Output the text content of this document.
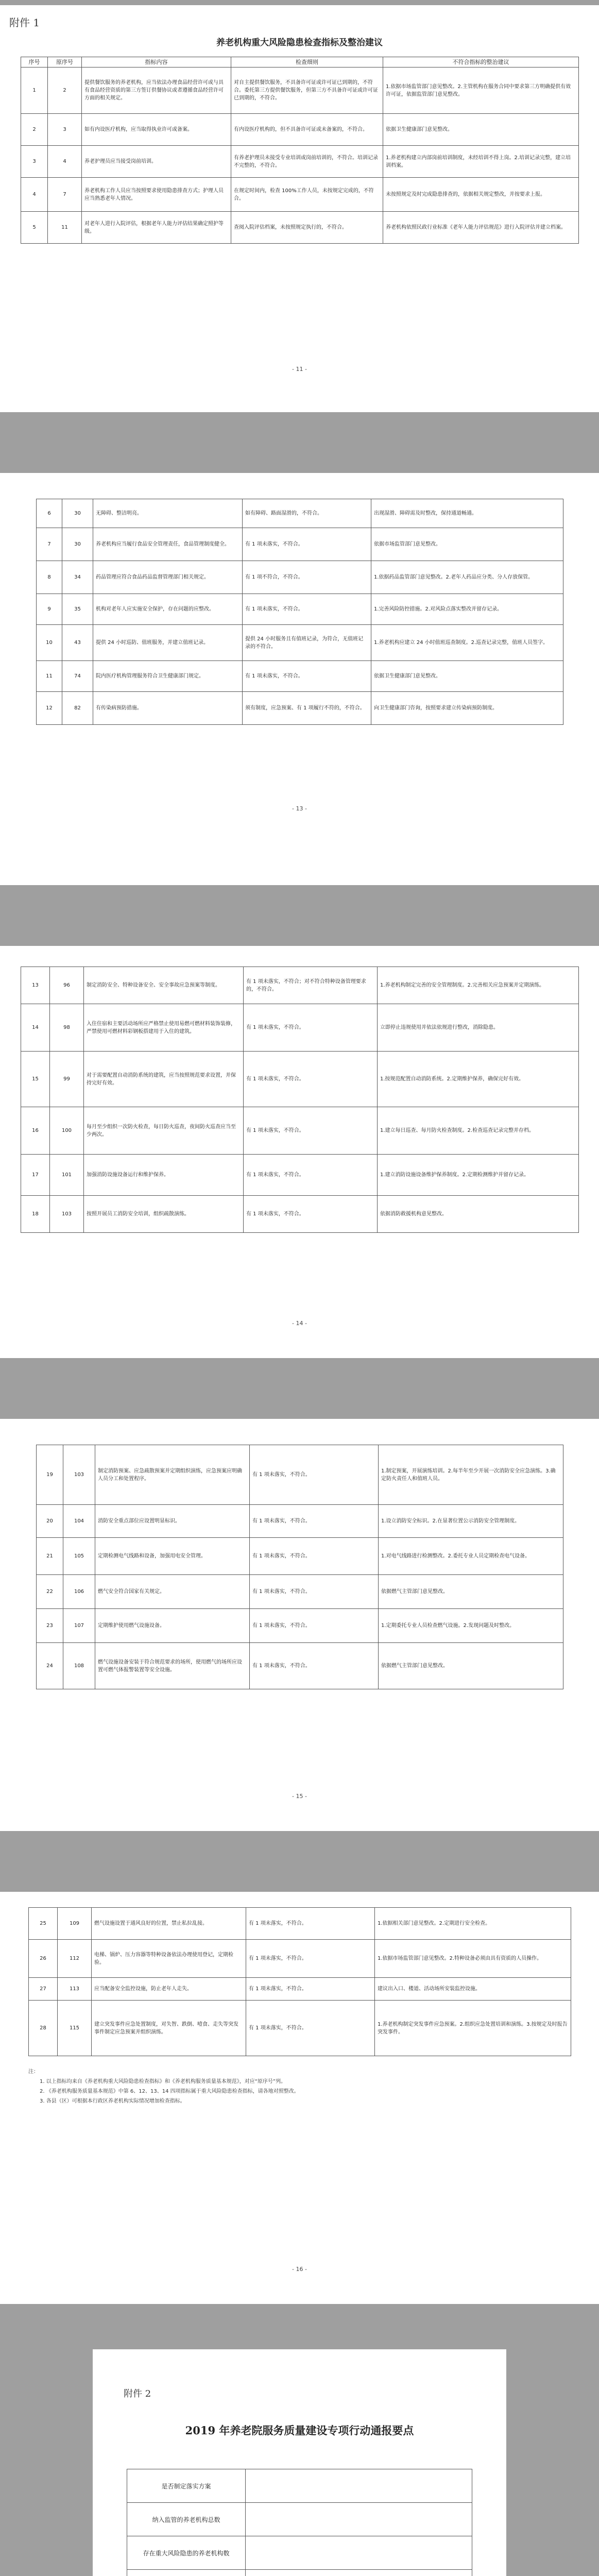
附件 1
养老机构重大风险隐患检查指标及整治建议
序号	原序号	指标内容	检查细则	不符合指标的整治建议
1	2	提供餐饮服务的养老机构，应当依法办理食品经营许可或与具有食品经营资质的第三方签订供餐协议或者遵循食品经营许可方面的相关规定。	对自主提供餐饮服务，不具备许可证或许可证已到期的，不符合。委托第三方提供餐饮服务，但第三方不具备许可证或许可证已到期的，不符合。	1.依据市场监管部门意见整改。2.主管机构在服务合同中要求第三方明确提供有效许可证，依据监管部门意见整改。
2	3	如有内设医疗机构，应当取得执业许可或备案。	有内设医疗机构的，但不具备许可证或未备案的，不符合。	依据卫生健康部门意见整改。
3	4	养老护理员应当接受岗前培训。	有养老护理员未接受专业培训或岗前培训的，不符合。培训记录不完整的，不符合。	1.养老机构建立内部岗前培训制度，未经培训不得上岗。2.培训记录完整，建立培训档案。
4	7	养老机构工作人员应当按照要求使用隐患排查方式；护理人员应当熟悉老年人情况。	在规定时间内，检查 100%工作人员，未按规定完成的，不符合。	未按照规定及时完成隐患排查的，依据相关规定整改，并按要求上报。
5	11	对老年人进行入院评估，根据老年人能力评估结果确定照护等级。	查阅入院评估档案，未按照规定执行的，不符合。	养老机构依照民政行业标准《老年人能力评估规范》进行入院评估并建立档案。
- 11 -
6	30	无障碍、整洁明亮。	如有障碍、路面湿滑的，不符合。	出现湿滑、障碍需及时整改，保持通道畅通。
7	30	养老机构应当履行食品安全管理责任，食品管理制度健全。	有 1 项未落实，不符合。	依据市场监管部门意见整改。
8	34	药品管理应符合食品药品监督管理部门相关规定。	有 1 项不符合，不符合。	1.依据药品监管部门意见整改。2.老年人药品应分类、分人存放保管。
9	35	机构对老年人应实施安全保护，存在问题的应整改。	有 1 项未落实，不符合。	1.完善风险防控措施。2.对风险点落实整改并留存记录。
10	43	提供 24 小时巡防、值班服务，并建立值班记录。	提供 24 小时服务且有值班记录，为符合，无值班记录的不符合。	1.养老机构应建立 24 小时值班巡查制度。2.巡查记录完整，值班人员签字。
11	74	院内医疗机构管理服务符合卫生健康部门规定。	有 1 项未落实，不符合。	依据卫生健康部门意见整改。
12	82	有传染病预防措施。	须有制度，应急预案、有 1 项履行不符的，不符合。	向卫生健康部门咨询，按照要求建立传染病预防制度。
- 13 -
13	96	制定消防安全、特种设备安全、安全事故应急预案等制度。	有 1 项未落实，不符合；对不符合特种设备管理要求的，不符合。	1.养老机构制定完善的安全管理制度。2.完善相关应急预案并定期演练。
14	98	入住住宿和主要活动场所应严格禁止使用易燃可燃材料装饰装修，严禁使用可燃材料彩钢板搭建用于入住的建筑。	有 1 项未落实，不符合。	立即停止违规使用并依法依规进行整改，消除隐患。
15	99	对于需要配置自动消防系统的建筑，应当按照规范要求设置，并保持完好有效。	有 1 项未落实，不符合。	1.按规范配置自动消防系统。2.定期维护保养，确保完好有效。
16	100	每月至少组织一次防火检查，每日防火巡查，夜间防火巡查应当至少两次。	有 1 项未落实，不符合。	1.建立每日巡查、每月防火检查制度。2.检查巡查记录完整并存档。
17	101	加强消防设施设备运行和维护保养。	有 1 项未落实，不符合。	1.建立消防设施设备维护保养制度。2.定期检测维护并留存记录。
18	103	按照开展员工消防安全培训，组织疏散演练。	有 1 项未落实，不符合。	依据消防救援机构意见整改。
- 14 -
19	103	制定消防预案、应急疏散预案并定期组织演练，应急预案应明确人员分工和处置程序。	有 1 项未落实，不符合。	1.制定预案，开展演练培训。2.每半年至少开展一次消防安全应急演练。3.确定防火责任人和值班人员。
20	104	消防安全重点部位应设置明显标识。	有 1 项未落实，不符合。	1.设立消防安全标识。2.在显著位置公示消防安全管理制度。
21	105	定期检测电气线路和设备，加强用电安全管理。	有 1 项未落实，不符合。	1.对电气线路进行检测整改。2.委托专业人员定期检查电气设备。
22	106	燃气安全符合国家有关规定。	有 1 项未落实，不符合。	依据燃气主管部门意见整改。
23	107	定期维护使用燃气设施设备。	有 1 项未落实，不符合。	1.定期委托专业人员检查燃气设施。2.发现问题及时整改。
24	108	燃气设施设备安装于符合规范要求的场所，使用燃气的场所应设置可燃气体报警装置等安全设施。	有 1 项未落实，不符合。	依据燃气主管部门意见整改。
- 15 -
25	109	燃气设施设置于通风良好的位置，禁止私拉乱接。	有 1 项未落实，不符合。	1.依据相关部门意见整改。2.定期进行安全检查。
26	112	电梯、锅炉、压力容器等特种设备依法办理使用登记，定期检验。	有 1 项未落实，不符合。	1.依据市场监管部门意见整改。2.特种设备必须由具有资质的人员操作。
27	113	应当配备安全监控设施，防止老年人走失。	有 1 项未落实，不符合。	建议出入口、楼道、活动场所安装监控设施。
28	115	建立突发事件应急处置制度，对失智、跌倒、噎食、走失等突发事件制定应急预案并组织演练。	有 1 项未落实，不符合。	1.养老机构制定突发事件应急预案。2.组织应急处置培训和演练。3.按规定及时报告突发事件。
注：
1. 以上指标均来自《养老机构重大风险隐患检查指标》和《养老机构服务质量基本规范》，对应“原序号”列。
2. 《养老机构服务质量基本规范》中第 6、12、13、14 四项指标属于重大风险隐患检查指标，请各地对照整改。
3. 各县（区）可根据本行政区养老机构实际情况增加检查指标。
- 16 -
附件 2
2019 年养老院服务质量建设专项行动通报要点
是否制定落实方案	
纳入监管的养老机构总数	
存在重大风险隐患的养老机构数	
